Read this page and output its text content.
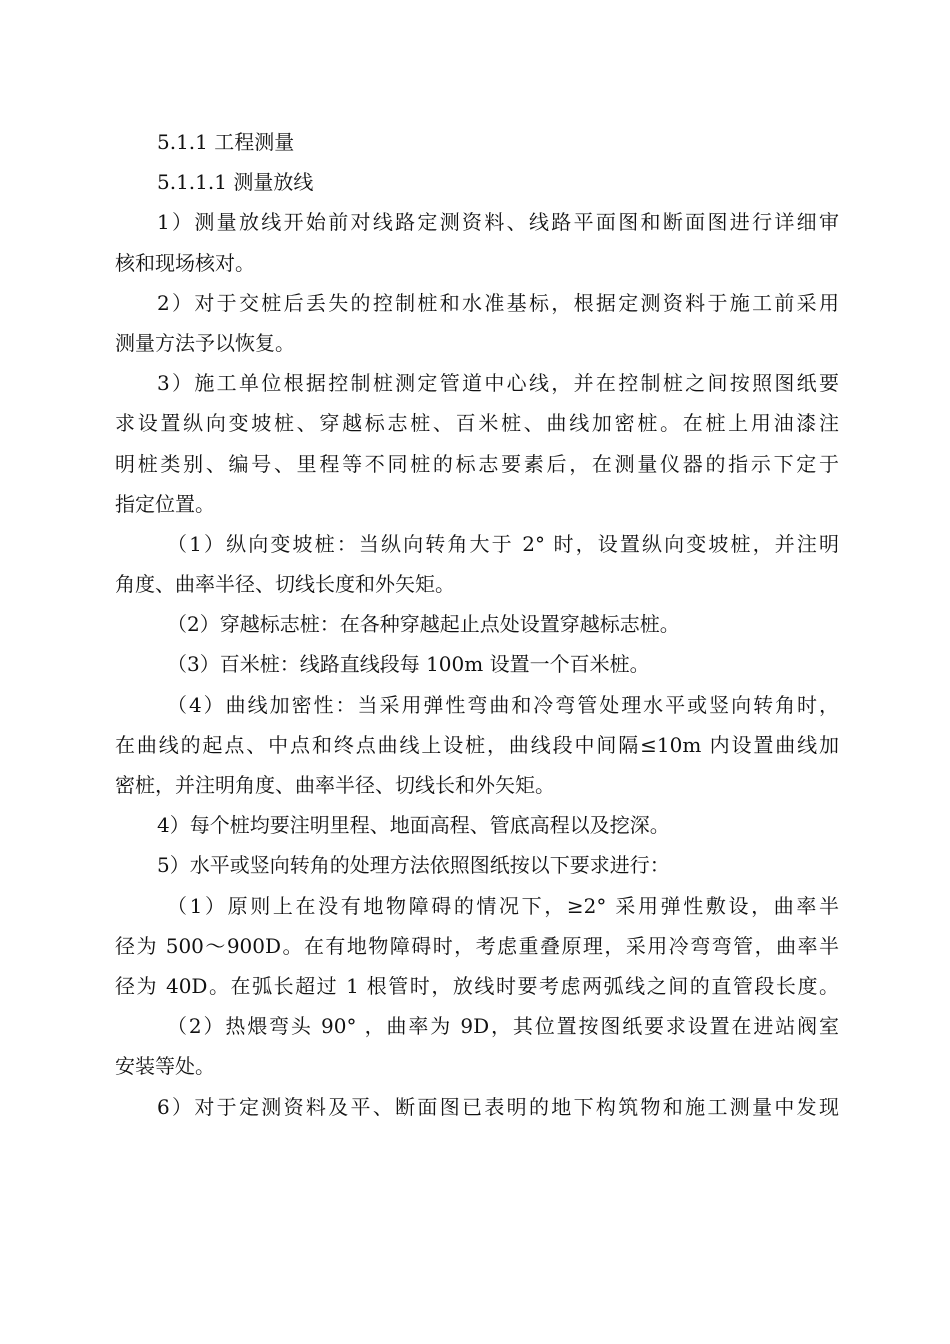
5.1.1 工程测量
5.1.1.1 测量放线
1）测量放线开始前对线路定测资料、线路平面图和断面图进行详细审
核和现场核对。
2）对于交桩后丢失的控制桩和水准基标，根据定测资料于施工前采用
测量方法予以恢复。
3）施工单位根据控制桩测定管道中心线，并在控制桩之间按照图纸要
求设置纵向变坡桩、穿越标志桩、百米桩、曲线加密桩。在桩上用油漆注
明桩类别、编号、里程等不同桩的标志要素后，在测量仪器的指示下定于
指定位置。
（1）纵向变坡桩：当纵向转角大于 2° 时，设置纵向变坡桩，并注明
角度、曲率半径、切线长度和外矢矩。
（2）穿越标志桩：在各种穿越起止点处设置穿越标志桩。
（3）百米桩：线路直线段每 100m 设置一个百米桩。
（4）曲线加密性：当采用弹性弯曲和冷弯管处理水平或竖向转角时，
在曲线的起点、中点和终点曲线上设桩，曲线段中间隔≤10m 内设置曲线加
密桩，并注明角度、曲率半径、切线长和外矢矩。
4）每个桩均要注明里程、地面高程、管底高程以及挖深。
5）水平或竖向转角的处理方法依照图纸按以下要求进行：
（1）原则上在没有地物障碍的情况下，≥2° 采用弹性敷设，曲率半
径为 500～900D。在有地物障碍时，考虑重叠原理，采用冷弯弯管，曲率半
径为 40D。在弧长超过 1 根管时，放线时要考虑两弧线之间的直管段长度。
（2）热煨弯头 90° ，曲率为 9D，其位置按图纸要求设置在进站阀室
安装等处。
6）对于定测资料及平、断面图已表明的地下构筑物和施工测量中发现
